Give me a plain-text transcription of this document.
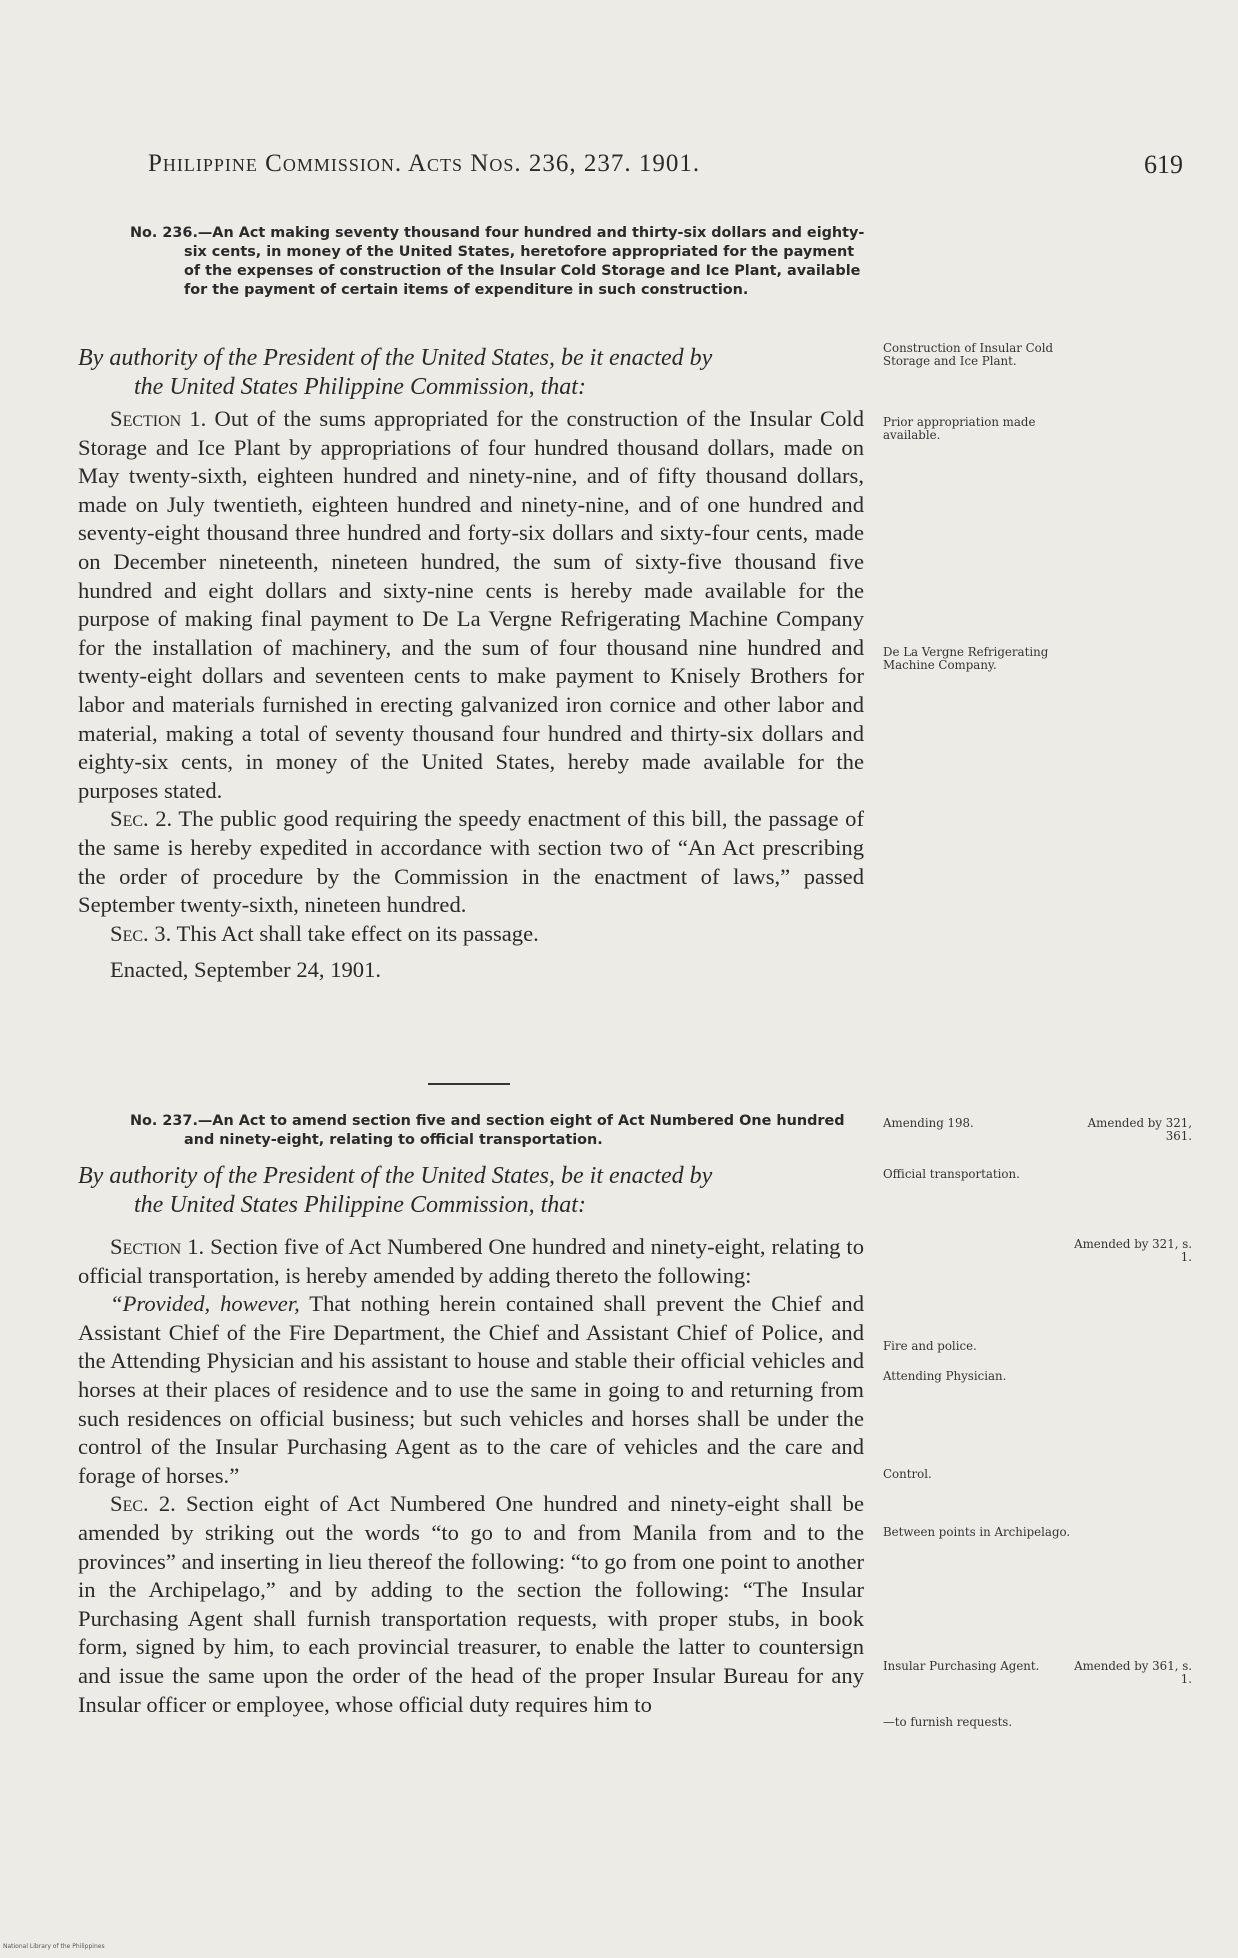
Philippine Commission. Acts Nos. 236, 237. 1901.	619
No. 236.—An Act making seventy thousand four hundred and thirty-six dollars and eighty-six cents, in money of the United States, heretofore appropriated for the payment of the expenses of construction of the Insular Cold Storage and Ice Plant, available for the payment of certain items of expenditure in such construction.
By authority of the President of the United States, be it enacted by
the United States Philippine Commission, that:

Section 1. Out of the sums appropriated for the construction of the Insular Cold Storage and Ice Plant by appropriations of four hundred thousand dollars, made on May twenty-sixth, eighteen hundred and ninety-nine, and of fifty thousand dollars, made on July twentieth, eighteen hundred and ninety-nine, and of one hundred and seventy-eight thousand three hundred and forty-six dollars and sixty-four cents, made on December nineteenth, nineteen hundred, the sum of sixty-five thousand five hundred and eight dollars and sixty-nine cents is hereby made available for the purpose of making final payment to De La Vergne Refrigerating Machine Company for the installation of machinery, and the sum of four thousand nine hundred and twenty-eight dollars and seventeen cents to make payment to Knisely Brothers for labor and materials furnished in erecting galvanized iron cornice and other labor and material, making a total of seventy thousand four hundred and thirty-six dollars and eighty-six cents, in money of the United States, hereby made available for the purposes stated.

Sec. 2. The public good requiring the speedy enactment of this bill, the passage of the same is hereby expedited in accordance with section two of “An Act prescribing the order of procedure by the Commission in the enactment of laws,” passed September twenty-sixth, nineteen hundred.

Sec. 3. This Act shall take effect on its passage.

Enacted, September 24, 1901.

Construction of Insular Cold Storage and Ice Plant.
Prior appropriation made available.
De La Vergne Refrigerating Machine Company.
No. 237.—An Act to amend section five and section eight of Act Numbered One hundred and ninety-eight, relating to official transportation.
By authority of the President of the United States, be it enacted by
the United States Philippine Commission, that:

Section 1. Section five of Act Numbered One hundred and ninety-eight, relating to official transportation, is hereby amended by adding thereto the following:

“Provided, however, That nothing herein contained shall prevent the Chief and Assistant Chief of the Fire Department, the Chief and Assistant Chief of Police, and the Attending Physician and his assistant to house and stable their official vehicles and horses at their places of residence and to use the same in going to and returning from such residences on official business; but such vehicles and horses shall be under the control of the Insular Purchasing Agent as to the care of vehicles and the care and forage of horses.”

Sec. 2. Section eight of Act Numbered One hundred and ninety-eight shall be amended by striking out the words “to go to and from Manila from and to the provinces” and inserting in lieu thereof the following: “to go from one point to another in the Archipelago,” and by adding to the section the following: “The Insular Purchasing Agent shall furnish transportation requests, with proper stubs, in book form, signed by him, to each provincial treasurer, to enable the latter to countersign and issue the same upon the order of the head of the proper Insular Bureau for any Insular officer or employee, whose official duty requires him to

Amending 198.	Amended by 321, 361.
Official transportation.
Amended by 321, s. 1.
Fire and police.
Attending Physician.
Control.
Between points in Archipelago.
Insular Purchasing Agent.	Amended by 361, s. 1.
—to furnish requests.
National Library of the Philippines
